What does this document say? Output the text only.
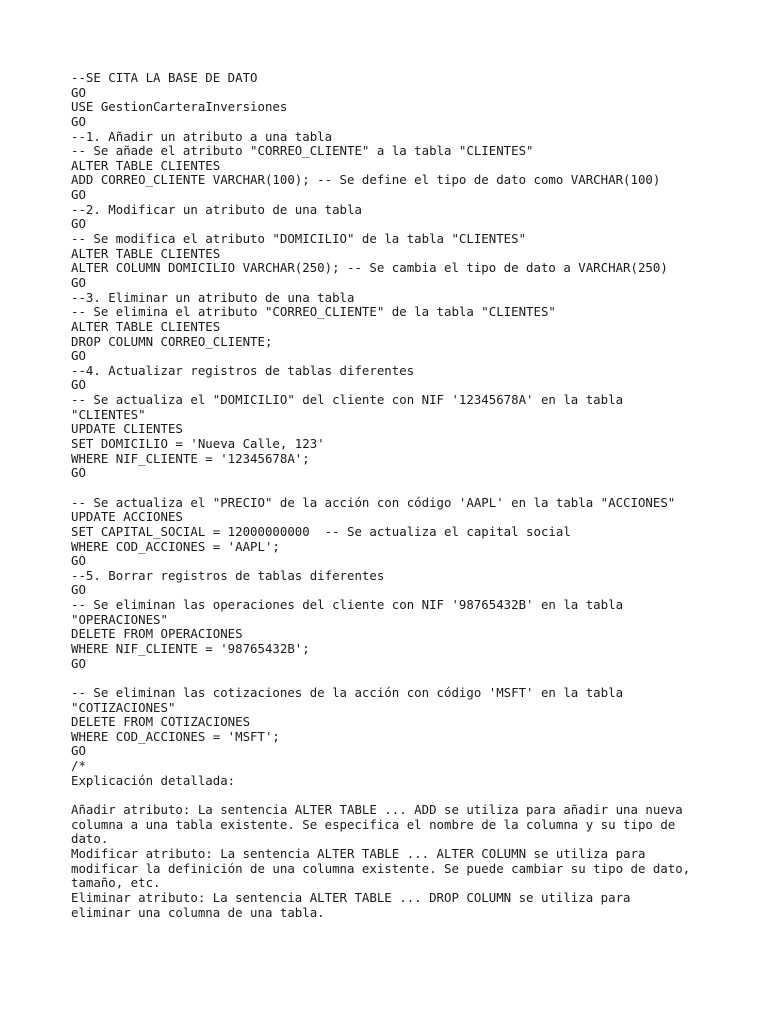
--SE CITA LA BASE DE DATO
GO
USE GestionCarteraInversiones
GO
--1. Añadir un atributo a una tabla
-- Se añade el atributo "CORREO_CLIENTE" a la tabla "CLIENTES"
ALTER TABLE CLIENTES
ADD CORREO_CLIENTE VARCHAR(100); -- Se define el tipo de dato como VARCHAR(100)
GO
--2. Modificar un atributo de una tabla
GO
-- Se modifica el atributo "DOMICILIO" de la tabla "CLIENTES"
ALTER TABLE CLIENTES
ALTER COLUMN DOMICILIO VARCHAR(250); -- Se cambia el tipo de dato a VARCHAR(250)
GO
--3. Eliminar un atributo de una tabla
-- Se elimina el atributo "CORREO_CLIENTE" de la tabla "CLIENTES"
ALTER TABLE CLIENTES
DROP COLUMN CORREO_CLIENTE;
GO
--4. Actualizar registros de tablas diferentes
GO
-- Se actualiza el "DOMICILIO" del cliente con NIF '12345678A' en la tabla
"CLIENTES"
UPDATE CLIENTES
SET DOMICILIO = 'Nueva Calle, 123'
WHERE NIF_CLIENTE = '12345678A';
GO
-- Se actualiza el "PRECIO" de la acción con código 'AAPL' en la tabla "ACCIONES"
UPDATE ACCIONES
SET CAPITAL_SOCIAL = 12000000000  -- Se actualiza el capital social
WHERE COD_ACCIONES = 'AAPL';
GO
--5. Borrar registros de tablas diferentes
GO
-- Se eliminan las operaciones del cliente con NIF '98765432B' en la tabla
"OPERACIONES"
DELETE FROM OPERACIONES
WHERE NIF_CLIENTE = '98765432B';
GO
-- Se eliminan las cotizaciones de la acción con código 'MSFT' en la tabla
"COTIZACIONES"
DELETE FROM COTIZACIONES
WHERE COD_ACCIONES = 'MSFT';
GO
/*
Explicación detallada:
Añadir atributo: La sentencia ALTER TABLE ... ADD se utiliza para añadir una nueva
columna a una tabla existente. Se especifica el nombre de la columna y su tipo de
dato.
Modificar atributo: La sentencia ALTER TABLE ... ALTER COLUMN se utiliza para
modificar la definición de una columna existente. Se puede cambiar su tipo de dato,
tamaño, etc.
Eliminar atributo: La sentencia ALTER TABLE ... DROP COLUMN se utiliza para
eliminar una columna de una tabla.
